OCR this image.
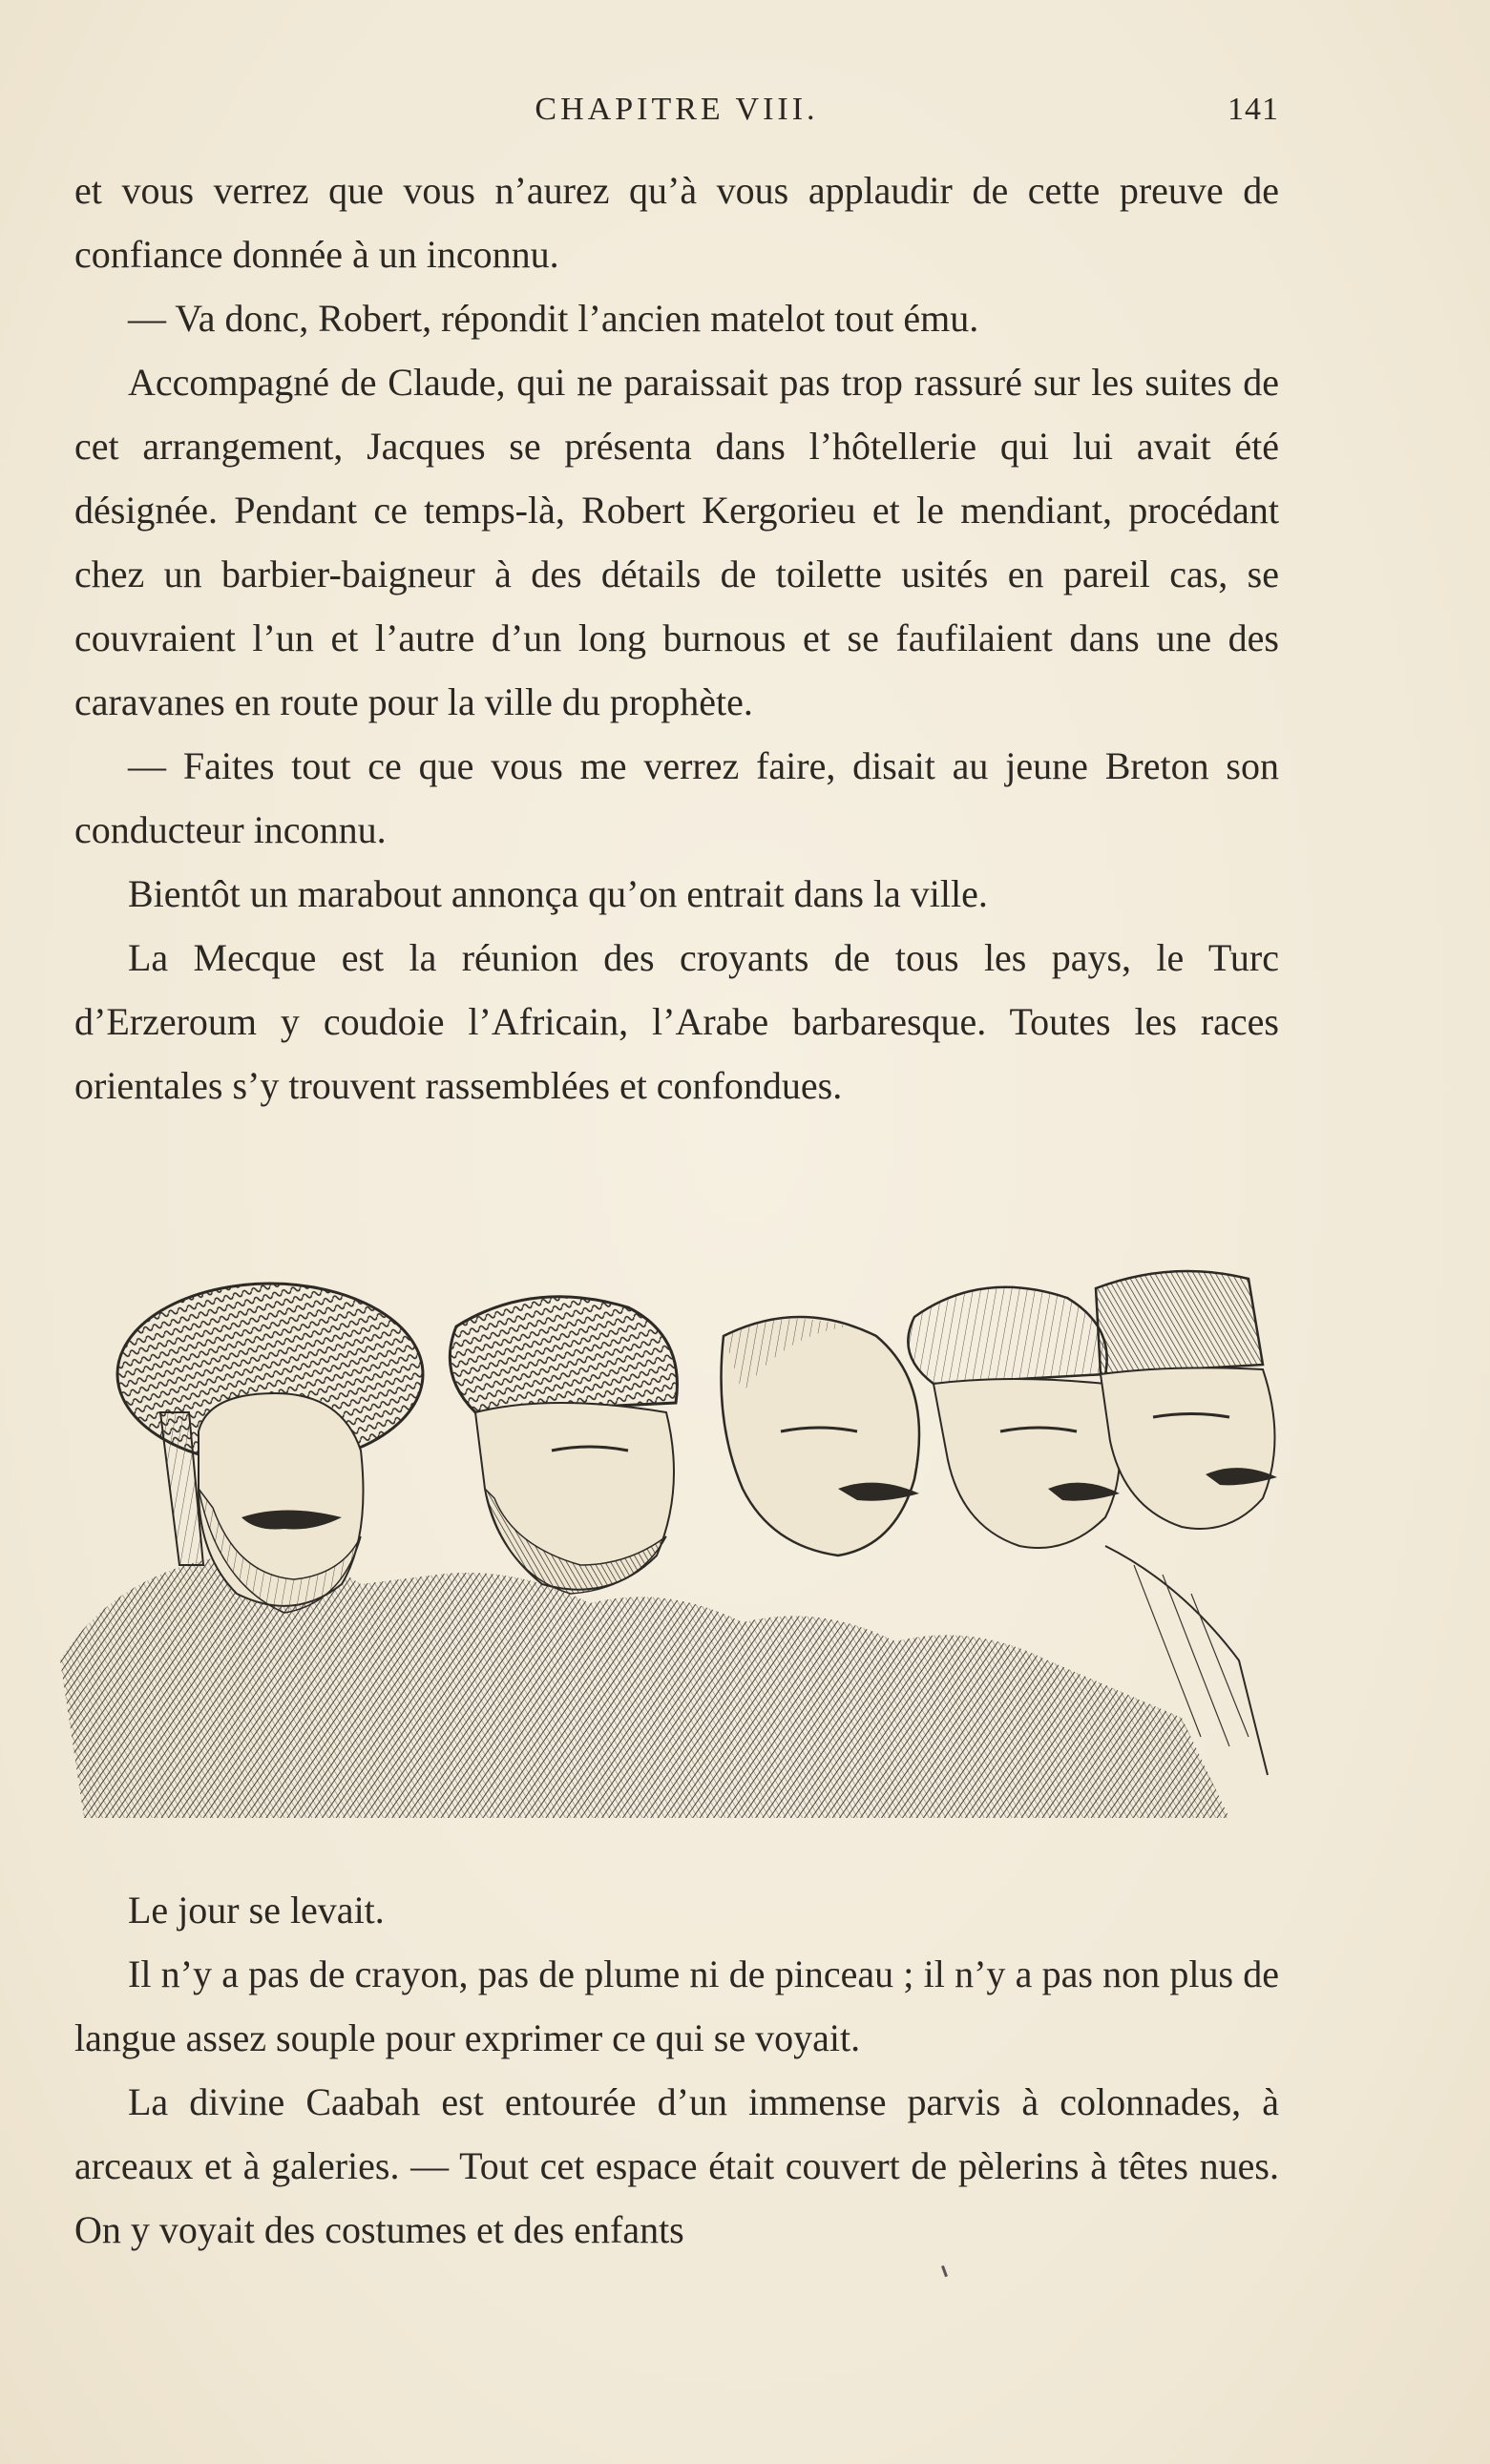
CHAPITRE VIII.	141

et vous verrez que vous n’aurez qu’à vous applaudir de cette preuve de confiance donnée à un inconnu.

— Va donc, Robert, répondit l’ancien matelot tout ému.

Accompagné de Claude, qui ne paraissait pas trop rassuré sur les suites de cet arrangement, Jacques se présenta dans l’hôtellerie qui lui avait été désignée. Pendant ce temps-là, Robert Kergorieu et le mendiant, procédant chez un barbier-baigneur à des détails de toilette usités en pareil cas, se couvraient l’un et l’autre d’un long burnous et se faufilaient dans une des caravanes en route pour la ville du prophète.

— Faites tout ce que vous me verrez faire, disait au jeune Breton son conducteur inconnu.

Bientôt un marabout annonça qu’on entrait dans la ville.

La Mecque est la réunion des croyants de tous les pays, le Turc d’Erzeroum y coudoie l’Africain, l’Arabe barbaresque. Toutes les races orientales s’y trouvent rassemblées et confondues.

Le jour se levait.

Il n’y a pas de crayon, pas de plume ni de pinceau ; il n’y a pas non plus de langue assez souple pour exprimer ce qui se voyait.

La divine Caabah est entourée d’un immense parvis à colonnades, à arceaux et à galeries. — Tout cet espace était couvert de pèlerins à têtes nues. On y voyait des costumes et des enfants
